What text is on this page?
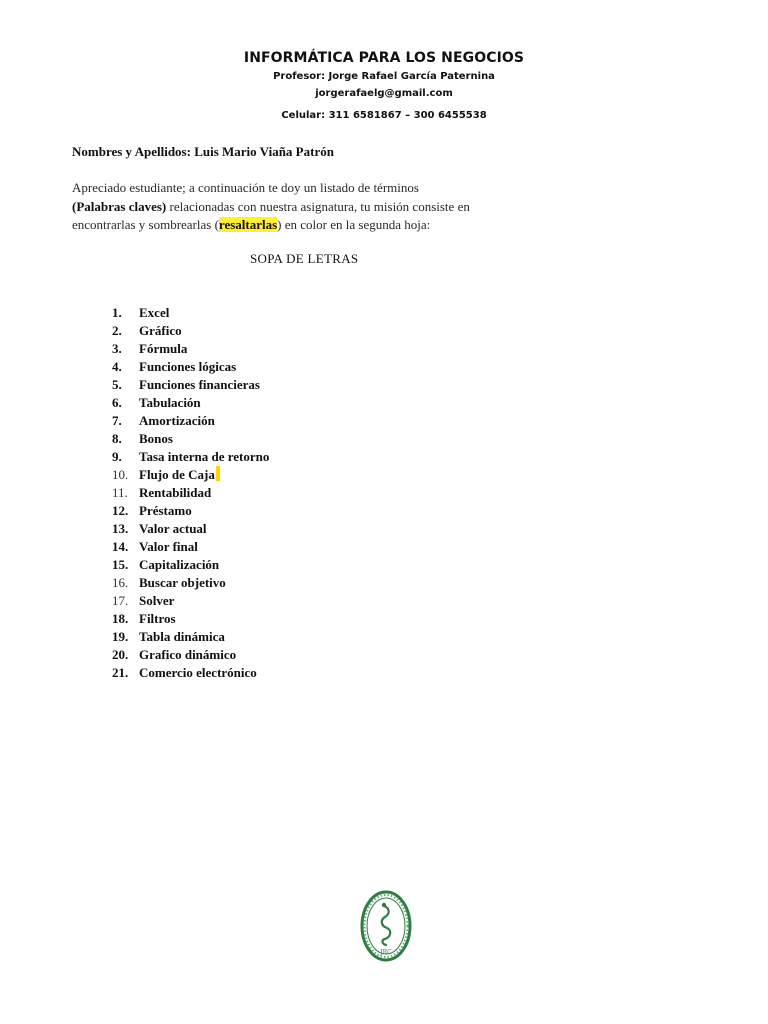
INFORMÁTICA PARA LOS NEGOCIOS

Profesor: Jorge Rafael García Paternina

jorgerafaelg@gmail.com

Celular: 311 6581867 – 300 6455538

Nombres y Apellidos: Luis Mario Viaña Patrón
Apreciado estudiante; a continuación te doy un listado de términos
(Palabras claves) relacionadas con nuestra asignatura, tu misión consiste en encontrarlas y sombrearlas (resaltarlas) en color en la segunda hoja:
SOPA DE LETRAS
1. Excel
2. Gráfico
3. Fórmula
4. Funciones lógicas
5. Funciones financieras
6. Tabulación
7. Amortización
8. Bonos
9. Tasa interna de retorno
10. Flujo de Caja
11. Rentabilidad
12. Préstamo
13. Valor actual
14. Valor final
15. Capitalización
16. Buscar objetivo
17. Solver
18. Filtros
19. Tabla dinámica
20. Grafico dinámico
21. Comercio electrónico
JRC
